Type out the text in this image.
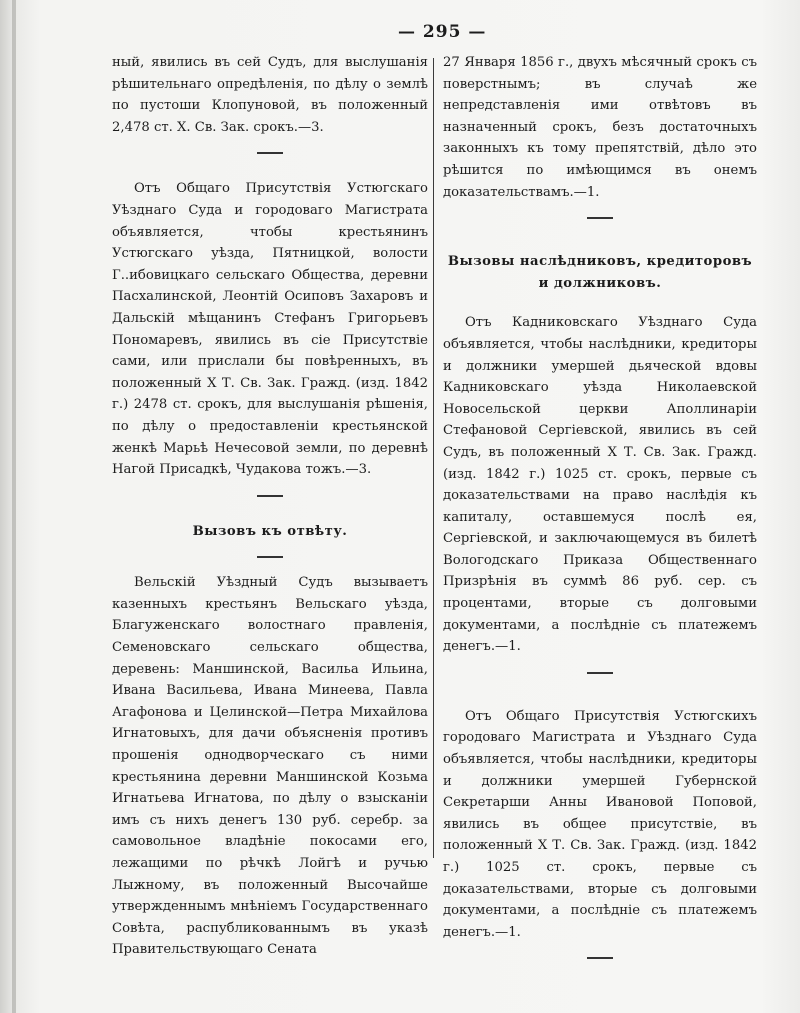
— 295 —

ный, явились въ сей Судъ, для выслушанія рѣшительнаго опредѣленія, по дѣлу о землѣ по пустоши Клопуновой, въ положенный 2,478 ст. X. Св. Зак. срокъ.—3.

Отъ Общаго Присутствія Устюгскаго Уѣзднаго Суда и городоваго Магистрата объявляется, чтобы крестьянинъ Устюгскаго уѣзда, Пятницкой, волости Г..ибовицкаго сельскаго Общества, деревни Пасхалинской, Леонтій Осиповъ Захаровъ и Дальскій мѣщанинъ Стефанъ Григорьевъ Пономаревъ, явились въ сіе Присутствіе сами, или прислали бы повѣренныхъ, въ положенный X Т. Св. Зак. Гражд. (изд. 1842 г.) 2478 ст. срокъ, для выслушанія рѣшенія, по дѣлу о предоставленіи крестьянской женкѣ Марьѣ Нечесовой земли, по деревнѣ Нагой Присадкѣ, Чудакова тожъ.—3.

Вызовъ къ отвѣту.

Вельскій Уѣздный Судъ вызываетъ казенныхъ крестьянъ Вельскаго уѣзда, Благуженскаго волостнаго правленія, Семеновскаго сельскаго общества, деревень: Маншинской, Васильа Ильина, Ивана Васильева, Ивана Минеева, Павла Агафонова и Целинской—Петра Михайлова Игнатовыхъ, для дачи объясненія противъ прошенія однодворческаго съ ними крестьянина деревни Маншинской Козьма Игнатьева Игнатова, по дѣлу о взысканіи имъ съ нихъ денегъ 130 руб. серебр. за самовольное владѣніе покосами его, лежащими по рѣчкѣ Лойгѣ и ручью Лыжному, въ положенный Высочайше утвержденнымъ мнѣніемъ Государственнаго Совѣта, распубликованнымъ въ указѣ Правительствующаго Сената

27 Января 1856 г., двухъ мѣсячный срокъ съ поверстнымъ; въ случаѣ же непредставленія ими отвѣтовъ въ назначенный срокъ, безъ достаточныхъ законныхъ къ тому препятствій, дѣло это рѣшится по имѣющимся въ онемъ доказательствамъ.—1.

Вызовы наслѣдниковъ, кредиторовъ и должниковъ.

Отъ Кадниковскаго Уѣзднаго Суда объявляется, чтобы наслѣдники, кредиторы и должники умершей дьяческой вдовы Кадниковскаго уѣзда Николаевской Новосельской церкви Аполлинаріи Стефановой Сергіевской, явились въ сей Судъ, въ положенный X Т. Св. Зак. Гражд. (изд. 1842 г.) 1025 ст. срокъ, первые съ доказательствами на право наслѣдія къ капиталу, оставшемуся послѣ ея, Сергіевской, и заключающемуся въ билетѣ Вологодскаго Приказа Общественнаго Призрѣнія въ суммѣ 86 руб. сер. съ процентами, вторые съ долговыми документами, а послѣдніе съ платежемъ денегъ.—1.

Отъ Общаго Присутствія Устюгскихъ городоваго Магистрата и Уѣзднаго Суда объявляется, чтобы наслѣдники, кредиторы и должники умершей Губернской Секретарши Анны Ивановой Поповой, явились въ общее присутствіе, въ положенный X Т. Св. Зак. Гражд. (изд. 1842 г.) 1025 ст. срокъ, первые съ доказательствами, вторые съ долговыми документами, а послѣдніе съ платежемъ денегъ.—1.
